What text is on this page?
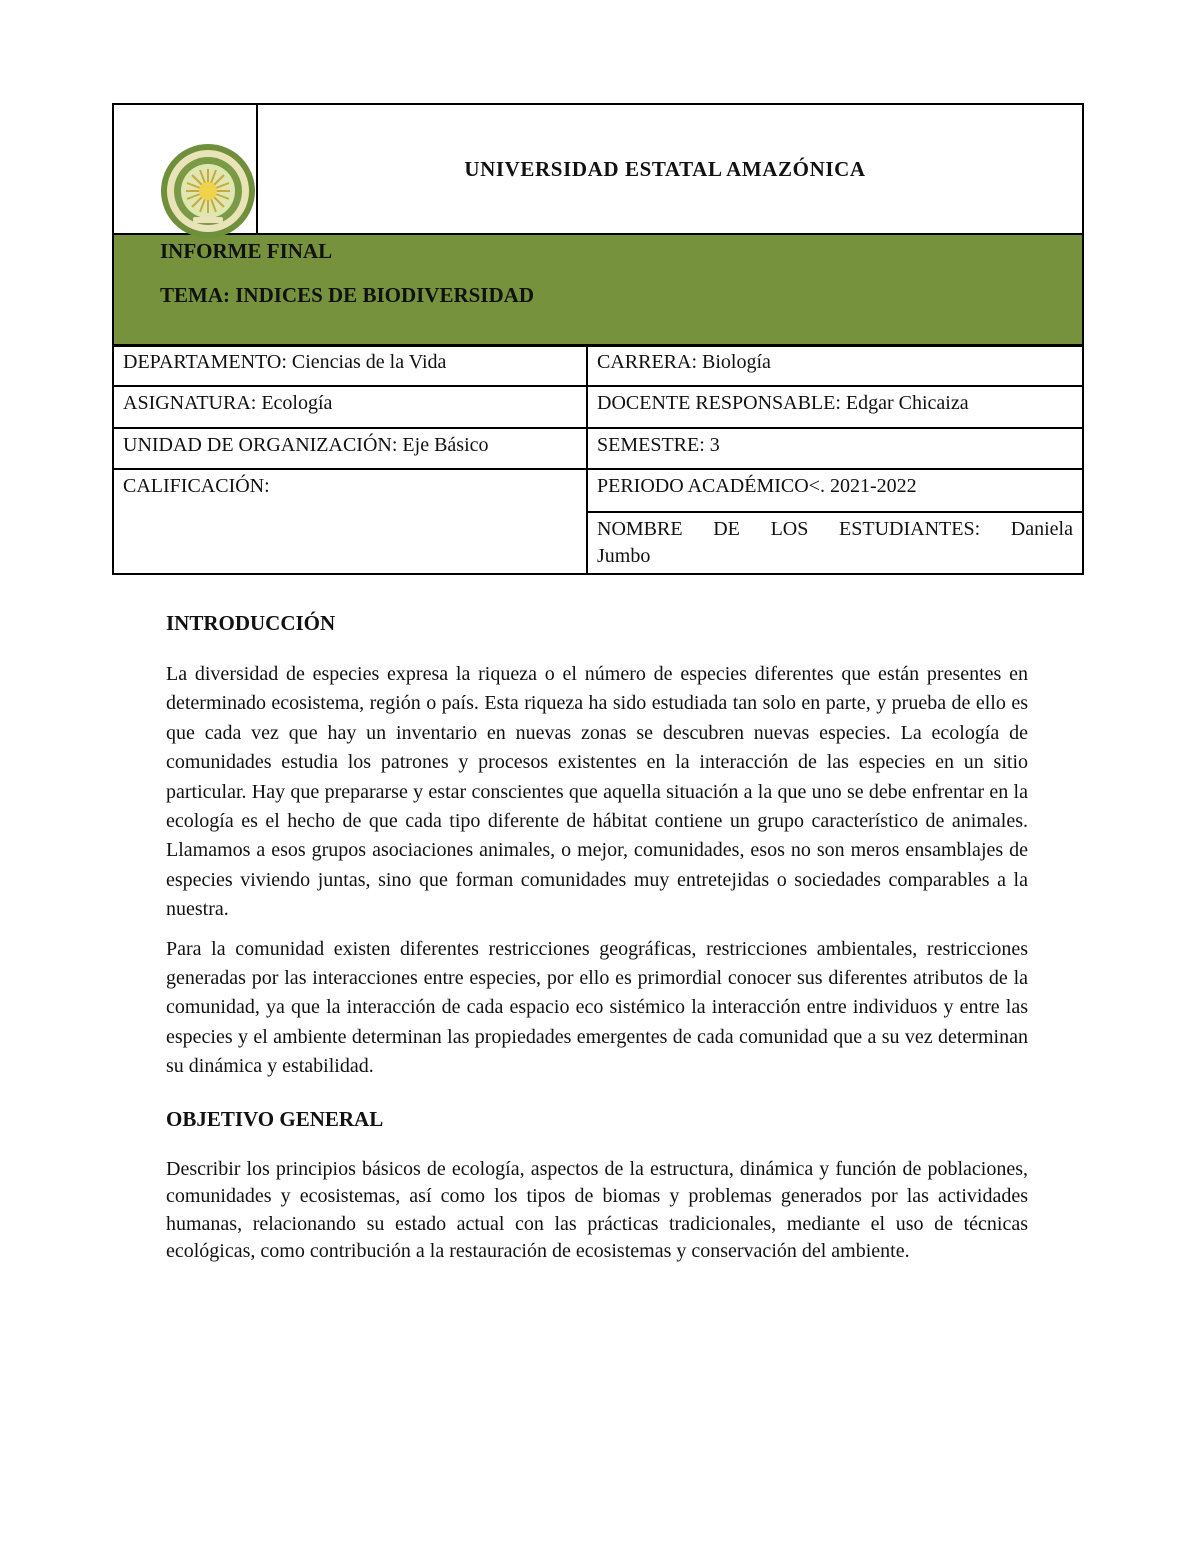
	UNIVERSIDAD ESTATAL AMAZÓNICA

INFORME FINAL
TEMA: INDICES DE BIODIVERSIDAD
DEPARTAMENTO: Ciencias de la Vida	CARRERA: Biología
ASIGNATURA: Ecología	DOCENTE RESPONSABLE: Edgar Chicaiza
UNIDAD DE ORGANIZACIÓN: Eje Básico	SEMESTRE: 3
CALIFICACIÓN:	PERIODO ACADÉMICO<. 2021-2022

	NOMBRE DE LOS ESTUDIANTES: Daniela
Jumbo
INTRODUCCIÓN

La diversidad de especies expresa la riqueza o el número de especies diferentes que están presentes en determinado ecosistema, región o país. Esta riqueza ha sido estudiada tan solo en parte, y prueba de ello es que cada vez que hay un inventario en nuevas zonas se descubren nuevas especies. La ecología de comunidades estudia los patrones y procesos existentes en la interacción de las especies en un sitio particular. Hay que prepararse y estar conscientes que aquella situación a la que uno se debe enfrentar en la ecología es el hecho de que cada tipo diferente de hábitat contiene un grupo característico de animales. Llamamos a esos grupos asociaciones animales, o mejor, comunidades, esos no son meros ensamblajes de especies viviendo juntas, sino que forman comunidades muy entretejidas o sociedades comparables a la nuestra.

Para la comunidad existen diferentes restricciones geográficas, restricciones ambientales, restricciones generadas por las interacciones entre especies, por ello es primordial conocer sus diferentes atributos de la comunidad, ya que la interacción de cada espacio eco sistémico la interacción entre individuos y entre las especies y el ambiente determinan las propiedades emergentes de cada comunidad que a su vez determinan su dinámica y estabilidad.

OBJETIVO GENERAL

Describir los principios básicos de ecología, aspectos de la estructura, dinámica y función de poblaciones, comunidades y ecosistemas, así como los tipos de biomas y problemas generados por las actividades humanas, relacionando su estado actual con las prácticas tradicionales, mediante el uso de técnicas ecológicas, como contribución a la restauración de ecosistemas y conservación del ambiente.
